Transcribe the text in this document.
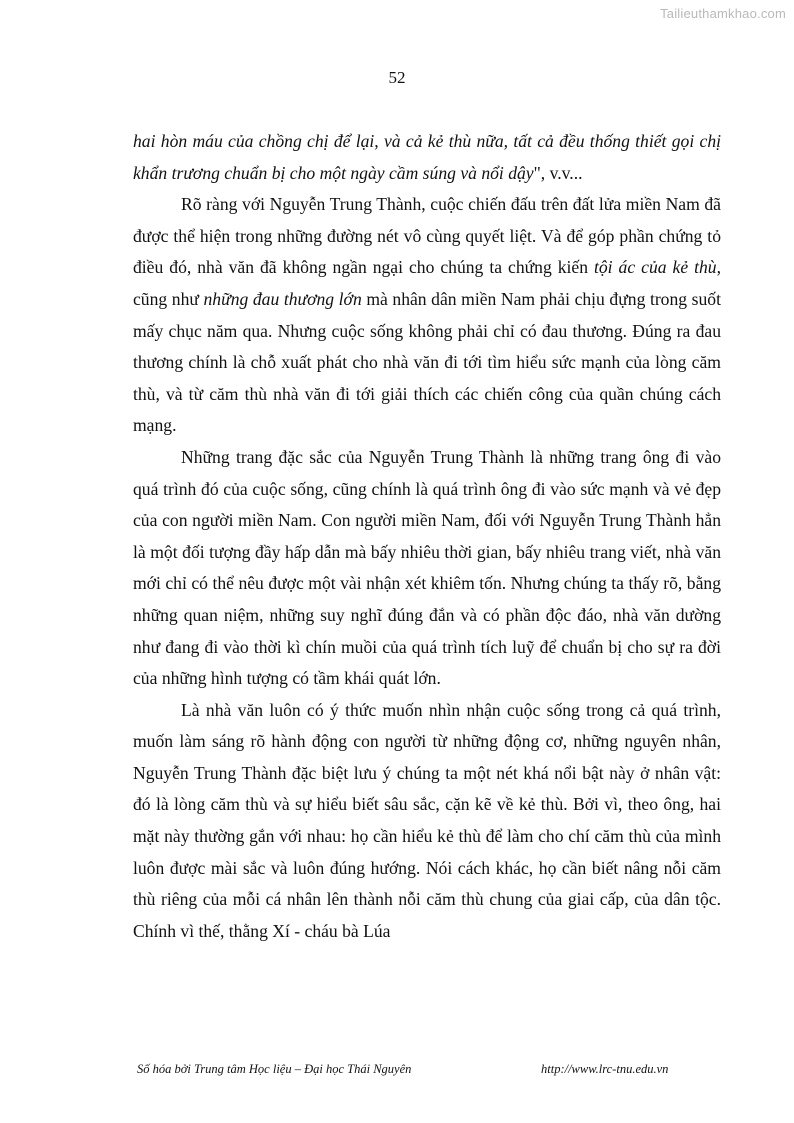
Tailieuthamkhao.com
52

hai hòn máu của chồng chị để lại, và cả kẻ thù nữa, tất cả đều thống thiết gọi chị khẩn trương chuẩn bị cho một ngày cầm súng và nổi dậy", v.v...

Rõ ràng với Nguyễn Trung Thành, cuộc chiến đấu trên đất lửa miền Nam đã được thể hiện trong những đường nét vô cùng quyết liệt. Và để góp phần chứng tỏ điều đó, nhà văn đã không ngần ngại cho chúng ta chứng kiến tội ác của kẻ thù, cũng như những đau thương lớn mà nhân dân miền Nam phải chịu đựng trong suốt mấy chục năm qua. Nhưng cuộc sống không phải chỉ có đau thương. Đúng ra đau thương chính là chỗ xuất phát cho nhà văn đi tới tìm hiểu sức mạnh của lòng căm thù, và từ căm thù nhà văn đi tới giải thích các chiến công của quần chúng cách mạng.

Những trang đặc sắc của Nguyễn Trung Thành là những trang ông đi vào quá trình đó của cuộc sống, cũng chính là quá trình ông đi vào sức mạnh và vẻ đẹp của con người miền Nam. Con người miền Nam, đối với Nguyễn Trung Thành hẳn là một đối tượng đầy hấp dẫn mà bấy nhiêu thời gian, bấy nhiêu trang viết, nhà văn mới chỉ có thể nêu được một vài nhận xét khiêm tốn. Nhưng chúng ta thấy rõ, bằng những quan niệm, những suy nghĩ đúng đắn và có phần độc đáo, nhà văn dường như đang đi vào thời kì chín muồi của quá trình tích luỹ để chuẩn bị cho sự ra đời của những hình tượng có tầm khái quát lớn.

Là nhà văn luôn có ý thức muốn nhìn nhận cuộc sống trong cả quá trình, muốn làm sáng rõ hành động con người từ những động cơ, những nguyên nhân, Nguyễn Trung Thành đặc biệt lưu ý chúng ta một nét khá nổi bật này ở nhân vật: đó là lòng căm thù và sự hiểu biết sâu sắc, cặn kẽ về kẻ thù. Bởi vì, theo ông, hai mặt này thường gắn với nhau: họ cần hiểu kẻ thù để làm cho chí căm thù của mình luôn được mài sắc và luôn đúng hướng. Nói cách khác, họ cần biết nâng nỗi căm thù riêng của mỗi cá nhân lên thành nỗi căm thù chung của giai cấp, của dân tộc. Chính vì thế, thằng Xí - cháu bà Lúa

Số hóa bởi Trung tâm Học liệu – Đại học Thái Nguyên	http://www.lrc-tnu.edu.vn
